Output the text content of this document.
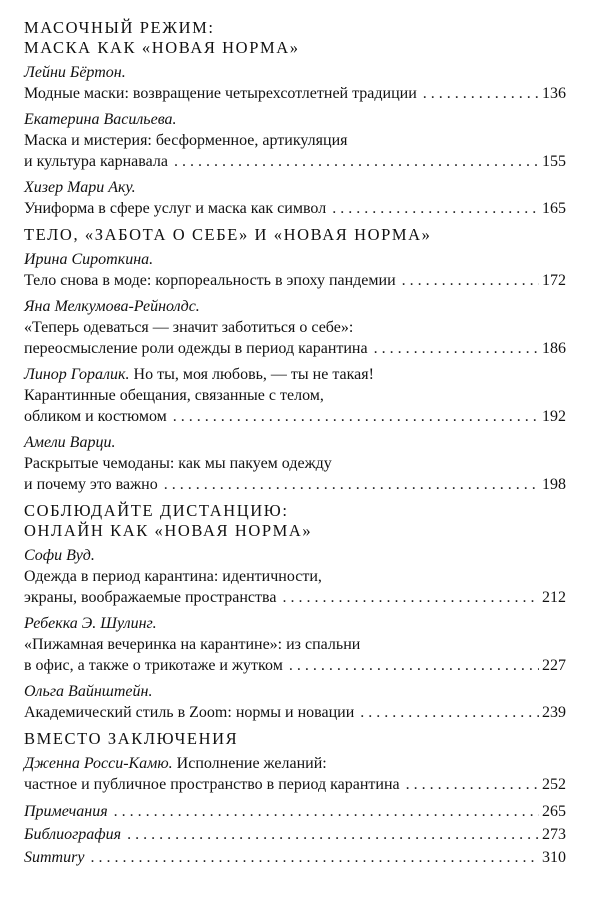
МАСОЧНЫЙ РЕЖИМ:
МАСКА КАК «НОВАЯ НОРМА»
Лейни Бёртон.
Модные маски: возвращение четырехсотлетней традиции . . .	136
Екатерина Васильева.
Маска и мистерия: бесформенное, артикуляция
и культура карнавала . . .	155
Хизер Мари Аку.
Униформа в сфере услуг и маска как символ . . .	165
ТЕЛО, «ЗАБОТА О СЕБЕ» И «НОВАЯ НОРМА»
Ирина Сироткина.
Тело снова в моде: корпореальность в эпоху пандемии . . .	172
Яна Мелкумова-Рейнолдс.
«Теперь одеваться — значит заботиться о себе»:
переосмысление роли одежды в период карантина . . .	186
Линор Горалик. Но ты, моя любовь, — ты не такая!
Карантинные обещания, связанные с телом,
обликом и костюмом . . .	192
Амели Варци.
Раскрытые чемоданы: как мы пакуем одежду
и почему это важно . . .	198
СОБЛЮДАЙТЕ ДИСТАНЦИЮ:
ОНЛАЙН КАК «НОВАЯ НОРМА»
Софи Вуд.
Одежда в период карантина: идентичности,
экраны, воображаемые пространства . . .	212
Ребекка Э. Шулинг.
«Пижамная вечеринка на карантине»: из спальни
в офис, а также о трикотаже и жутком . . .	227
Ольга Вайнштейн.
Академический стиль в Zoom: нормы и новации . . .	239
ВМЕСТО ЗАКЛЮЧЕНИЯ
Дженна Росси-Камю. Исполнение желаний:
частное и публичное пространство в период карантина . . .	252
Примечания . . .	265
Библиография . . .	273
Summury . . .	310
